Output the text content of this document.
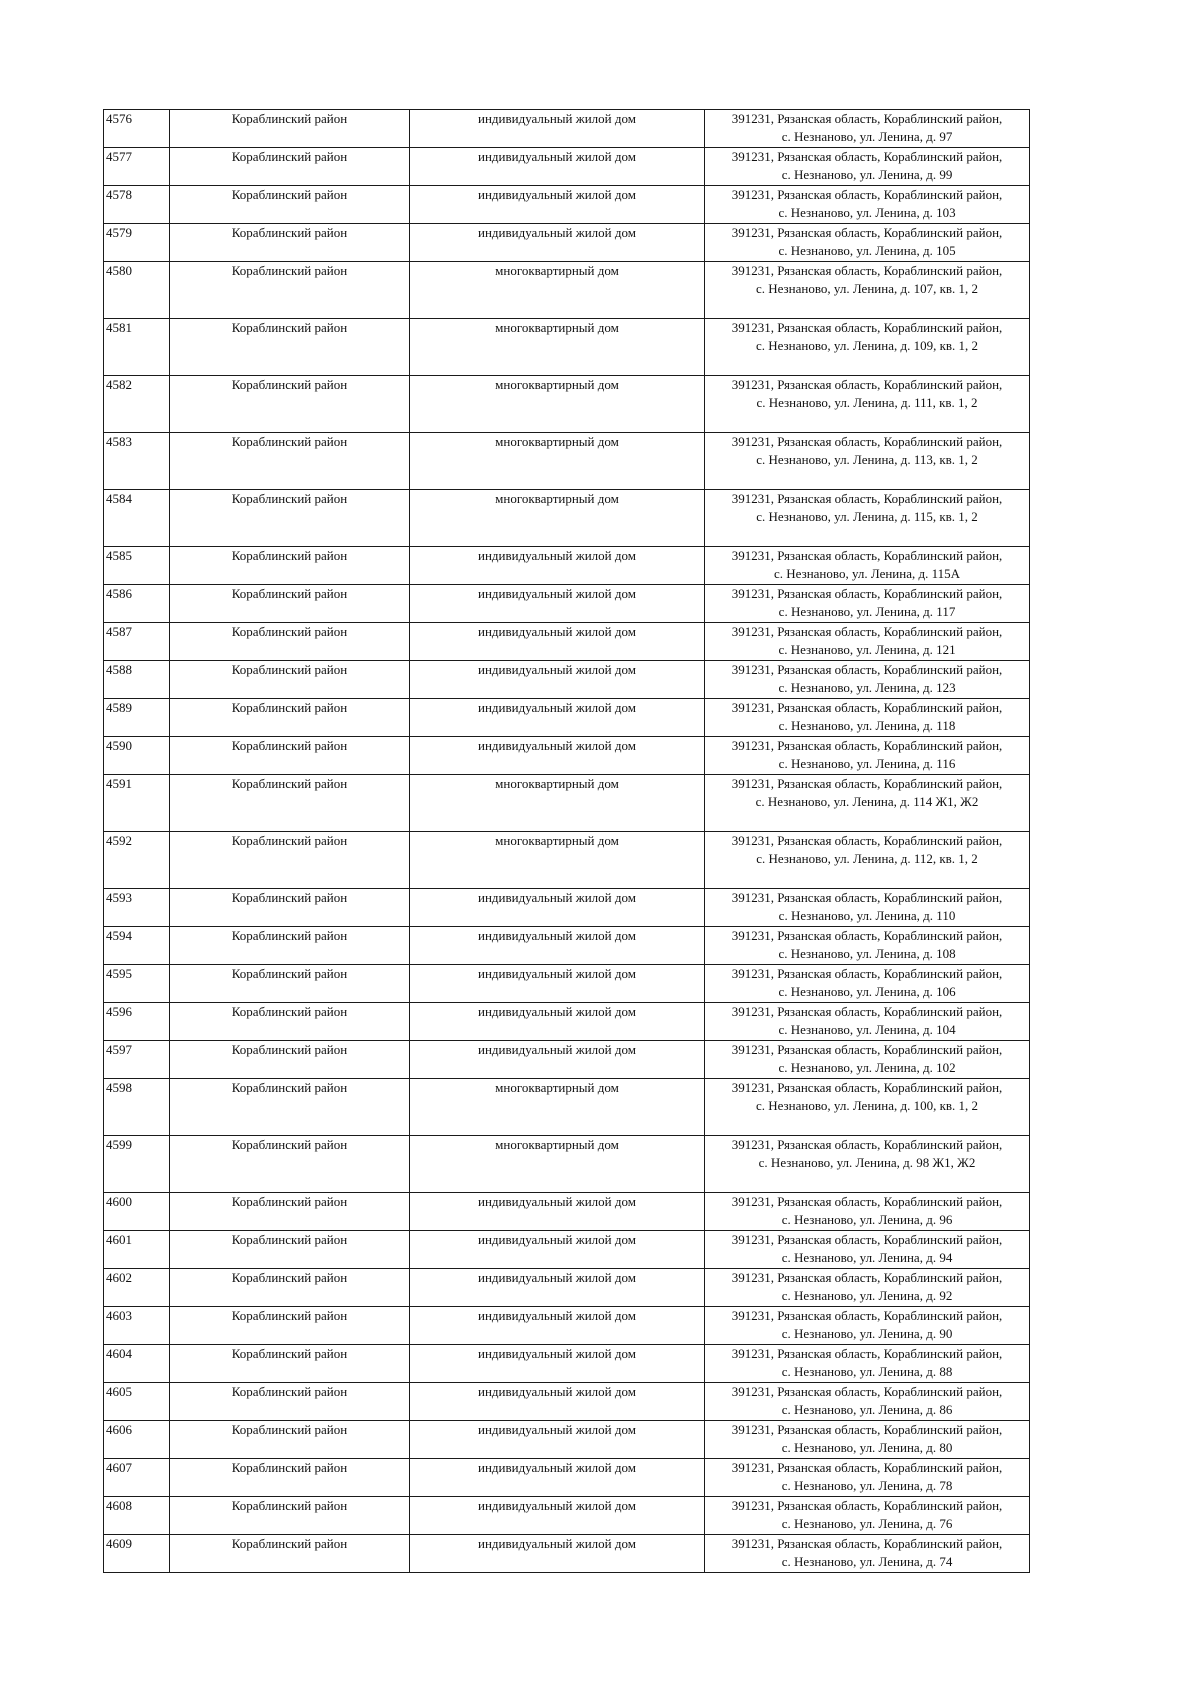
4576	Кораблинский район	индивидуальный жилой дом	391231, Рязанская область, Кораблинский район,
с. Незнаново, ул. Ленина, д. 97

4577	Кораблинский район	индивидуальный жилой дом	391231, Рязанская область, Кораблинский район,
с. Незнаново, ул. Ленина, д. 99

4578	Кораблинский район	индивидуальный жилой дом	391231, Рязанская область, Кораблинский район,
с. Незнаново, ул. Ленина, д. 103

4579	Кораблинский район	индивидуальный жилой дом	391231, Рязанская область, Кораблинский район,
с. Незнаново, ул. Ленина, д. 105

4580	Кораблинский район	многоквартирный дом	391231, Рязанская область, Кораблинский район,
с. Незнаново, ул. Ленина, д. 107, кв. 1, 2

4581	Кораблинский район	многоквартирный дом	391231, Рязанская область, Кораблинский район,
с. Незнаново, ул. Ленина, д. 109, кв. 1, 2

4582	Кораблинский район	многоквартирный дом	391231, Рязанская область, Кораблинский район,
с. Незнаново, ул. Ленина, д. 111, кв. 1, 2

4583	Кораблинский район	многоквартирный дом	391231, Рязанская область, Кораблинский район,
с. Незнаново, ул. Ленина, д. 113, кв. 1, 2

4584	Кораблинский район	многоквартирный дом	391231, Рязанская область, Кораблинский район,
с. Незнаново, ул. Ленина, д. 115, кв. 1, 2

4585	Кораблинский район	индивидуальный жилой дом	391231, Рязанская область, Кораблинский район,
с. Незнаново, ул. Ленина, д. 115А

4586	Кораблинский район	индивидуальный жилой дом	391231, Рязанская область, Кораблинский район,
с. Незнаново, ул. Ленина, д. 117

4587	Кораблинский район	индивидуальный жилой дом	391231, Рязанская область, Кораблинский район,
с. Незнаново, ул. Ленина, д. 121

4588	Кораблинский район	индивидуальный жилой дом	391231, Рязанская область, Кораблинский район,
с. Незнаново, ул. Ленина, д. 123

4589	Кораблинский район	индивидуальный жилой дом	391231, Рязанская область, Кораблинский район,
с. Незнаново, ул. Ленина, д. 118

4590	Кораблинский район	индивидуальный жилой дом	391231, Рязанская область, Кораблинский район,
с. Незнаново, ул. Ленина, д. 116

4591	Кораблинский район	многоквартирный дом	391231, Рязанская область, Кораблинский район,
с. Незнаново, ул. Ленина, д. 114 Ж1, Ж2

4592	Кораблинский район	многоквартирный дом	391231, Рязанская область, Кораблинский район,
с. Незнаново, ул. Ленина, д. 112, кв. 1, 2

4593	Кораблинский район	индивидуальный жилой дом	391231, Рязанская область, Кораблинский район,
с. Незнаново, ул. Ленина, д. 110

4594	Кораблинский район	индивидуальный жилой дом	391231, Рязанская область, Кораблинский район,
с. Незнаново, ул. Ленина, д. 108

4595	Кораблинский район	индивидуальный жилой дом	391231, Рязанская область, Кораблинский район,
с. Незнаново, ул. Ленина, д. 106

4596	Кораблинский район	индивидуальный жилой дом	391231, Рязанская область, Кораблинский район,
с. Незнаново, ул. Ленина, д. 104

4597	Кораблинский район	индивидуальный жилой дом	391231, Рязанская область, Кораблинский район,
с. Незнаново, ул. Ленина, д. 102

4598	Кораблинский район	многоквартирный дом	391231, Рязанская область, Кораблинский район,
с. Незнаново, ул. Ленина, д. 100, кв. 1, 2

4599	Кораблинский район	многоквартирный дом	391231, Рязанская область, Кораблинский район,
с. Незнаново, ул. Ленина, д. 98 Ж1, Ж2

4600	Кораблинский район	индивидуальный жилой дом	391231, Рязанская область, Кораблинский район,
с. Незнаново, ул. Ленина, д. 96

4601	Кораблинский район	индивидуальный жилой дом	391231, Рязанская область, Кораблинский район,
с. Незнаново, ул. Ленина, д. 94

4602	Кораблинский район	индивидуальный жилой дом	391231, Рязанская область, Кораблинский район,
с. Незнаново, ул. Ленина, д. 92

4603	Кораблинский район	индивидуальный жилой дом	391231, Рязанская область, Кораблинский район,
с. Незнаново, ул. Ленина, д. 90

4604	Кораблинский район	индивидуальный жилой дом	391231, Рязанская область, Кораблинский район,
с. Незнаново, ул. Ленина, д. 88

4605	Кораблинский район	индивидуальный жилой дом	391231, Рязанская область, Кораблинский район,
с. Незнаново, ул. Ленина, д. 86

4606	Кораблинский район	индивидуальный жилой дом	391231, Рязанская область, Кораблинский район,
с. Незнаново, ул. Ленина, д. 80

4607	Кораблинский район	индивидуальный жилой дом	391231, Рязанская область, Кораблинский район,
с. Незнаново, ул. Ленина, д. 78

4608	Кораблинский район	индивидуальный жилой дом	391231, Рязанская область, Кораблинский район,
с. Незнаново, ул. Ленина, д. 76

4609	Кораблинский район	индивидуальный жилой дом	391231, Рязанская область, Кораблинский район,
с. Незнаново, ул. Ленина, д. 74
